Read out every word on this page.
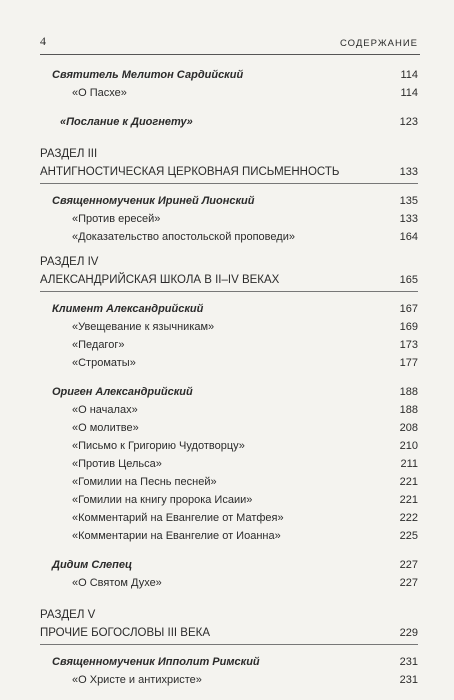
4	СОДЕРЖАНИЕ
Святитель Мелитон Сардийский	114
«О Пасхе»	114
«Послание к Диогнету»	123
РАЗДЕЛ III
АНТИГНОСТИЧЕСКАЯ ЦЕРКОВНАЯ ПИСЬМЕННОСТЬ	133
Священномученик Ириней Лионский	135
«Против ересей»	133
«Доказательство апостольской проповеди»	164
РАЗДЕЛ IV
АЛЕКСАНДРИЙСКАЯ ШКОЛА В II–IV ВЕКАХ	165
Климент Александрийский	167
«Увещевание к язычникам»	169
«Педагог»	173
«Строматы»	177
Ориген Александрийский	188
«О началах»	188
«О молитве»	208
«Письмо к Григорию Чудотворцу»	210
«Против Цельса»	211
«Гомилии на Песнь песней»	221
«Гомилии на книгу пророка Исаии»	221
«Комментарий на Евангелие от Матфея»	222
«Комментарии на Евангелие от Иоанна»	225
Дидим Слепец	227
«О Святом Духе»	227
РАЗДЕЛ V
ПРОЧИЕ БОГОСЛОВЫ III ВЕКА	229
Священномученик Ипполит Римский	231
«О Христе и антихристе»	231
